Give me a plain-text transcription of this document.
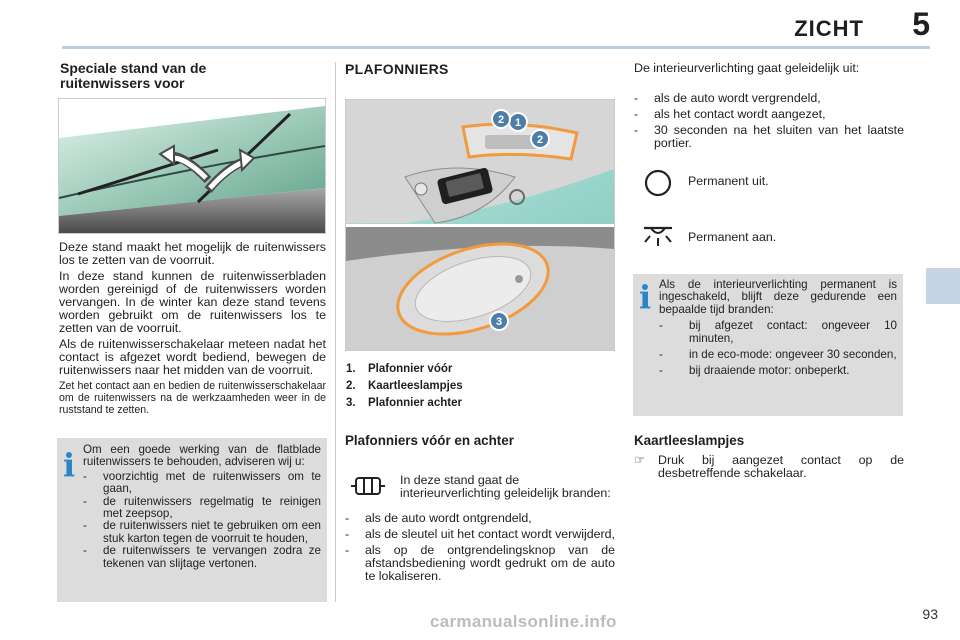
ZICHT 5
Speciale stand van de ruitenwissers voor
Deze stand maakt het mogelijk de ruitenwissers los te zetten van de voorruit.
In deze stand kunnen de ruitenwisserbladen worden gereinigd of de ruitenwissers worden vervangen. In de winter kan deze stand tevens worden gebruikt om de ruitenwissers los te zetten van de voorruit.
Als de ruitenwisserschakelaar meteen nadat het contact is afgezet wordt bediend, bewegen de ruitenwissers naar het midden van de voorruit.
Zet het contact aan en bedien de ruitenwisserschakelaar om de ruitenwissers na de werkzaamheden weer in de ruststand te zetten.
i Om een goede werking van de flatblade ruitenwissers te behouden, adviseren wij u:
- voorzichtig met de ruitenwissers om te gaan,
- de ruitenwissers regelmatig te reinigen met zeepsop,
- de ruitenwissers niet te gebruiken om een stuk karton tegen de voorruit te houden,
- de ruitenwissers te vervangen zodra ze tekenen van slijtage vertonen.
PLAFONNIERS
1
2
2
3
1. Plafonnier vóór
2. Kaartleeslampjes
3. Plafonnier achter
Plafonniers vóór en achter
In deze stand gaat de interieurverlichting geleidelijk branden:
- als de auto wordt ontgrendeld,
- als de sleutel uit het contact wordt verwijderd,
- als op de ontgrendelingsknop van de afstandsbediening wordt gedrukt om de auto te lokaliseren.
De interieurverlichting gaat geleidelijk uit:
- als de auto wordt vergrendeld,
- als het contact wordt aangezet,
- 30 seconden na het sluiten van het laatste portier.
Permanent uit.
Permanent aan.
i Als de interieurverlichting permanent is ingeschakeld, blijft deze gedurende een bepaalde tijd branden:
- bij afgezet contact: ongeveer 10 minuten,
- in de eco-mode: ongeveer 30 seconden,
- bij draaiende motor: onbeperkt.
Kaartleeslampjes
☞ Druk bij aangezet contact op de desbetreffende schakelaar.
carmanualsonline.info	93
